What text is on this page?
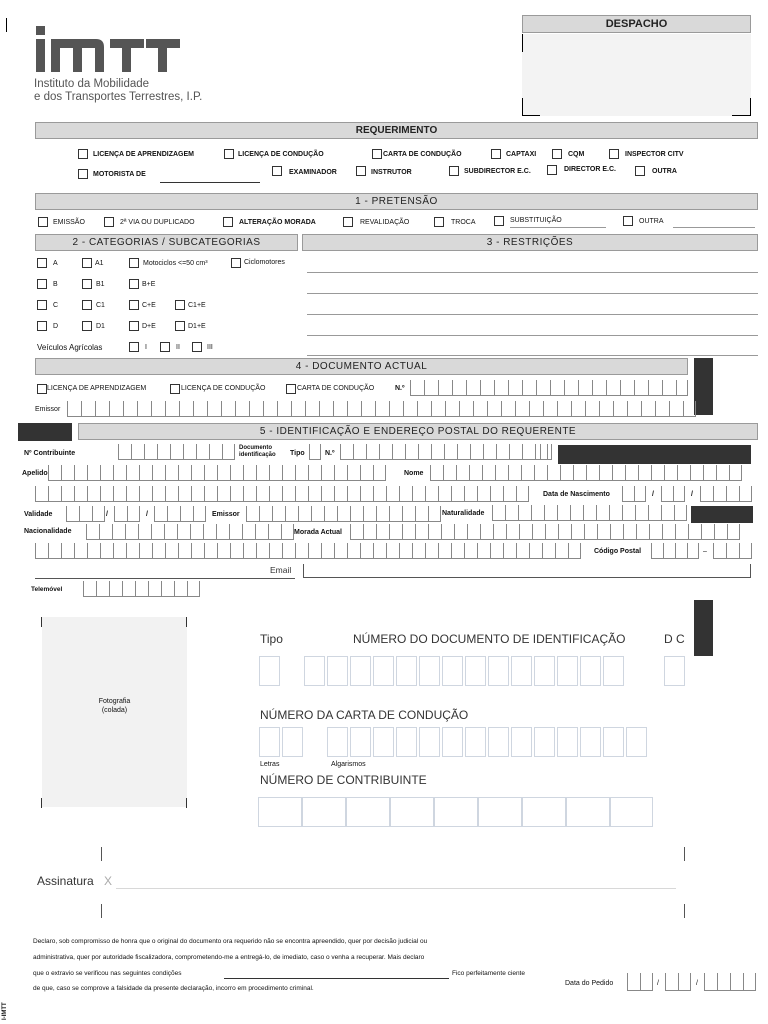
Instituto da Mobilidade
e dos Transportes Terrestres, I.P.
DESPACHO
REQUERIMENTO
LICENÇA DE APRENDIZAGEM	LICENÇA DE CONDUÇÃO	CARTA DE CONDUÇÃO	CAPTAXI	CQM	INSPECTOR CITV
MOTORISTA DE	EXAMINADOR	INSTRUTOR	SUBDIRECTOR E.C.	DIRECTOR E.C.	OUTRA
1 - PRETENSÃO
EMISSÃO	2ª VIA OU DUPLICADO	ALTERAÇÃO MORADA	REVALIDAÇÃO	TROCA	SUBSTITUIÇÃO	OUTRA
2 - CATEGORIAS / SUBCATEGORIAS	3 - RESTRIÇÕES
A	A1	Motociclos <=50 cm³	Ciclomotores
B	B1	B+E
C	C1	C+E	C1+E
D	D1	D+E	D1+E
Veículos Agrícolas	I	II	III
4 - DOCUMENTO ACTUAL
LICENÇA DE APRENDIZAGEM	LICENÇA DE CONDUÇÃO	CARTA DE CONDUÇÃO	N.º
Emissor
5 - IDENTIFICAÇÃO E ENDEREÇO POSTAL DO REQUERENTE
Nº Contribuinte
Documento
identificação Tipo	N.º
Apelido	Nome
Data de Nascimento	/	/
Validade	/	/	Emissor	Naturalidade
Nacionalidade	Morada Actual
Código Postal	–
Email
Telemóvel
Fotografia
(colada)
Tipo	NÚMERO DO DOCUMENTO DE IDENTIFICAÇÃO	D C
NÚMERO DA CARTA DE CONDUÇÃO
Letras	Algarismos
NÚMERO DE CONTRIBUINTE
Assinatura X
Declaro, sob compromisso de honra que o original do documento ora requerido não se encontra apreendido, quer por decisão judicial ou
administrativa, quer por autoridade fiscalizadora, comprometendo-me a entregá-lo, de imediato, caso o venha a recuperar. Mais declaro
que o extravio se verificou nas seguintes condições	Fico perfeitamente ciente
de que, caso se comprove a falsidade da presente declaração, incorro em procedimento criminal.
Data do Pedido	/	/
I-IMTT
